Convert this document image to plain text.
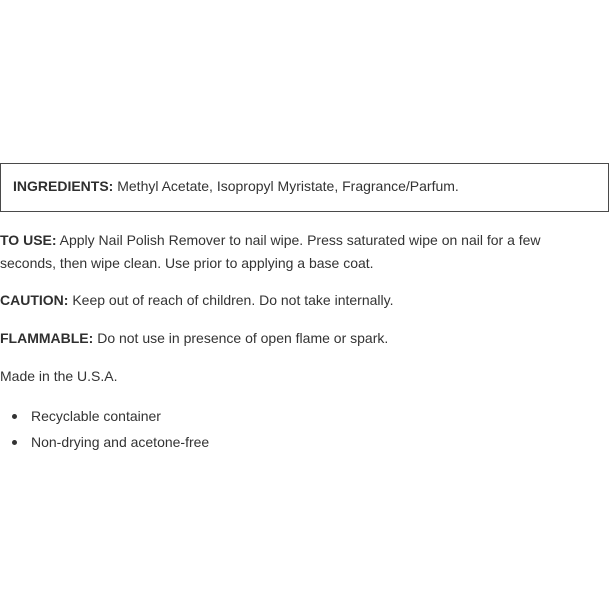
INGREDIENTS: Methyl Acetate, Isopropyl Myristate, Fragrance/Parfum.
TO USE: Apply Nail Polish Remover to nail wipe. Press saturated wipe on nail for a few
seconds, then wipe clean. Use prior to applying a base coat.
CAUTION: Keep out of reach of children. Do not take internally.
FLAMMABLE: Do not use in presence of open flame or spark.
Made in the U.S.A.
Recyclable container
Non-drying and acetone-free
